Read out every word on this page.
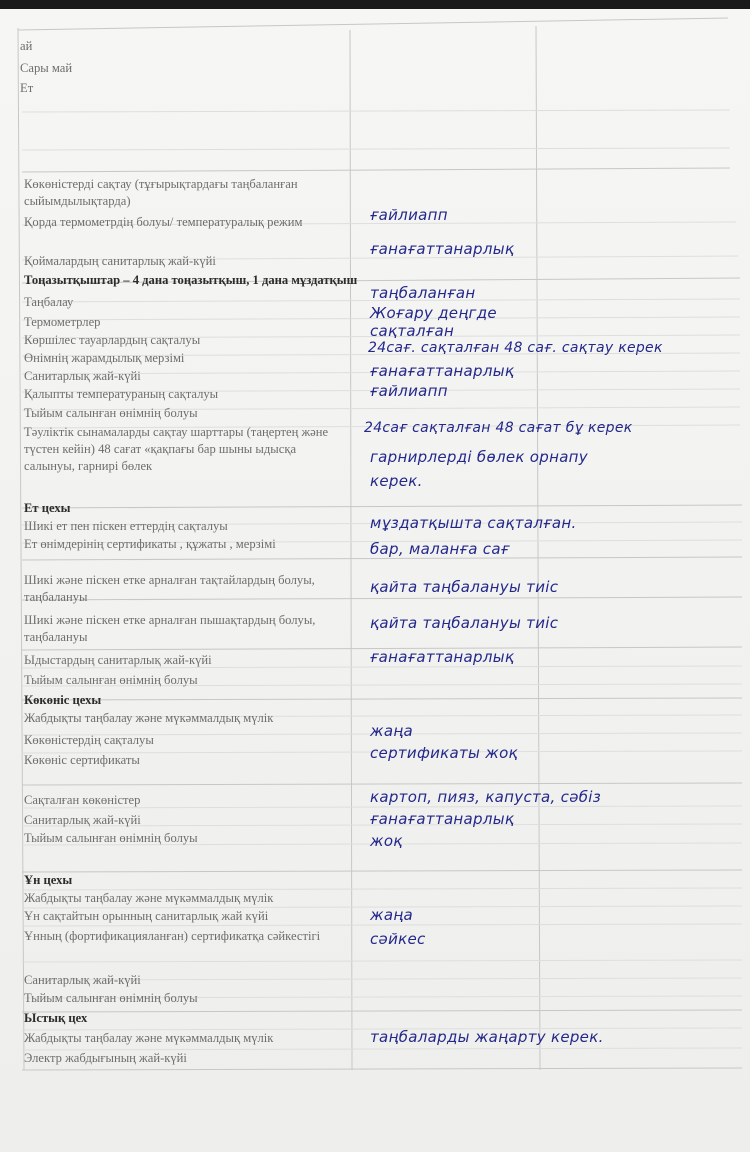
ай
Сары май
Ет
Көкөністерді сақтау (тұғырықтардағы таңбаланған сыйымдылықтарда)
Қорда термометрдің болуы/ температуралық режим
Қоймалардың санитарлық жай-күйі
Тоңазытқыштар – 4 дана тоңазытқыш, 1 дана мұздатқыш
Таңбалау
Термометрлер
Көршілес тауарлардың сақталуы
Өнімнің жарамдылық мерзімі
Санитарлық жай-күйі
Қалыпты температураның сақталуы
Тыйым салынған өнімнің болуы
Тәуліктік сынамаларды сақтау шарттары (таңертең және түстен кейін) 48 сағат «қақпағы бар шыны ыдысқа салынуы, гарнирі бөлек
Ет цехы
Шикі ет пен піскен еттердің сақталуы
Ет өнімдерінің сертификаты , құжаты , мерзімі
Шикі және піскен етке арналған тақтайлардың болуы, таңбалануы
Шикі және піскен етке арналған пышақтардың болуы, таңбалануы
Ыдыстардың санитарлық жай-күйі
Тыйым салынған өнімнің болуы
Көкөніс цехы
Жабдықты таңбалау және мүкәммалдық мүлік
Көкөністердің сақталуы
Көкөніс сертификаты
Сақталған көкөністер
Санитарлық жай-күйі
Тыйым салынған өнімнің болуы
Ұн цехы
Жабдықты таңбалау және мүкәммалдық мүлік
Ұн сақтайтын орынның санитарлық жай күйі
Ұнның (фортификацияланған) сертификатқа сәйкестігі
Санитарлық жай-күйі
Тыйым салынған өнімнің болуы
Ыстық цех
Жабдықты таңбалау және мүкәммалдық мүлік
Электр жабдығының жай-күйі
ғайлиапп
ғанағаттанарлық
таңбаланған
Жоғару деңгде
сақталған
24сағ. сақталған 48 сағ. сақтау керек
ғанағаттанарлық
ғайлиапп
24сағ сақталған 48 сағат бұ керек
гарнирлерді бөлек орнапу
керек.
мұздатқышта сақталған.
бар, маланға сағ
қайта таңбалануы тиіс
қайта таңбалануы тиіс
ғанағаттанарлық
жаңа
сертификаты жоқ
картоп, пияз, капуста, сәбіз
ғанағаттанарлық
жоқ
жаңа
сәйкес
таңбаларды жаңарту керек.
